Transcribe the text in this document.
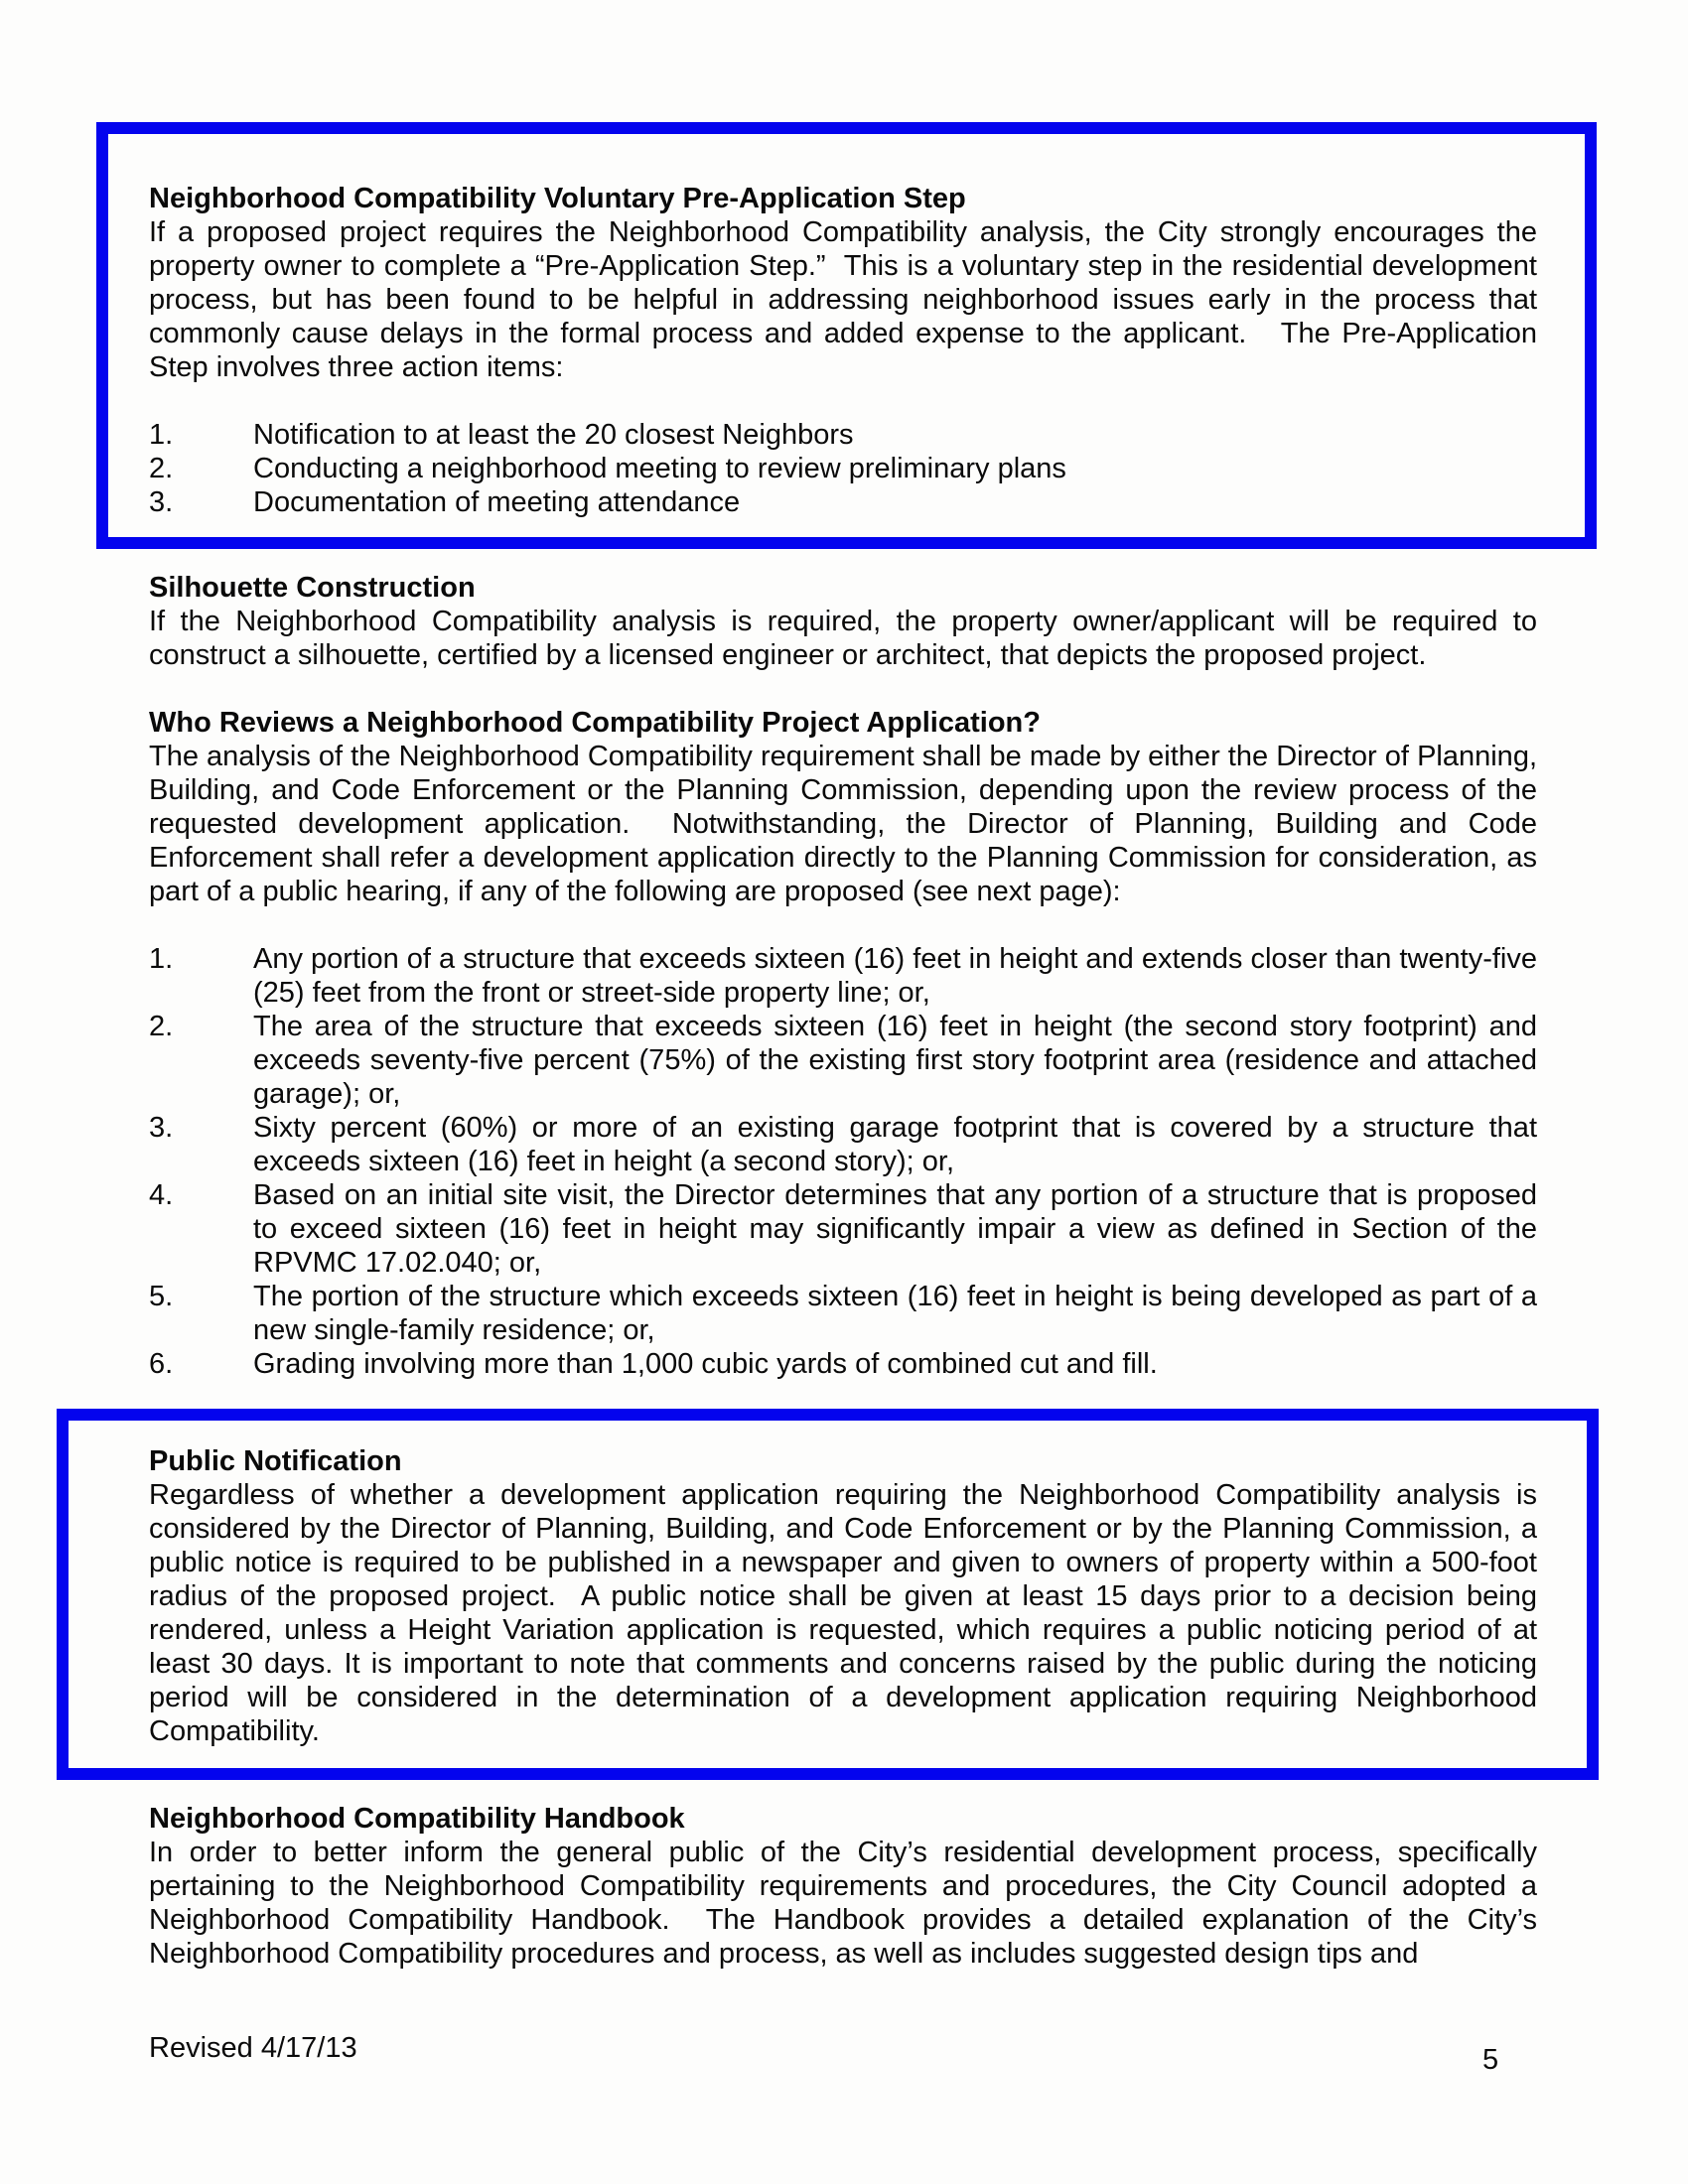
Neighborhood Compatibility Voluntary Pre-Application Step

If a proposed project requires the Neighborhood Compatibility analysis, the City strongly encourages the property owner to complete a “Pre-Application Step.”  This is a voluntary step in the residential development process, but has been found to be helpful in addressing neighborhood issues early in the process that commonly cause delays in the formal process and added expense to the applicant.   The Pre-Application Step involves three action items:

1.	Notification to at least the 20 closest Neighbors

2.	Conducting a neighborhood meeting to review preliminary plans

3.	Documentation of meeting attendance

Silhouette Construction

If the Neighborhood Compatibility analysis is required, the property owner/applicant will be required to construct a silhouette, certified by a licensed engineer or architect, that depicts the proposed project.

Who Reviews a Neighborhood Compatibility Project Application?

The analysis of the Neighborhood Compatibility requirement shall be made by either the Director of Planning, Building, and Code Enforcement or the Planning Commission, depending upon the review process of the requested development application.  Notwithstanding, the Director of Planning, Building and Code Enforcement shall refer a development application directly to the Planning Commission for consideration, as part of a public hearing, if any of the following are proposed (see next page):

1.	Any portion of a structure that exceeds sixteen (16) feet in height and extends closer than twenty-five (25) feet from the front or street-side property line; or,

2.	The area of the structure that exceeds sixteen (16) feet in height (the second story footprint) and exceeds seventy-five percent (75%) of the existing first story footprint area (residence and attached garage); or,

3.	Sixty percent (60%) or more of an existing garage footprint that is covered by a structure that exceeds sixteen (16) feet in height (a second story); or,

4.	Based on an initial site visit, the Director determines that any portion of a structure that is proposed to exceed sixteen (16) feet in height may significantly impair a view as defined in Section of the RPVMC 17.02.040; or,

5.	The portion of the structure which exceeds sixteen (16) feet in height is being developed as part of a new single-family residence; or,

6.	Grading involving more than 1,000 cubic yards of combined cut and fill.

Public Notification

Regardless of whether a development application requiring the Neighborhood Compatibility analysis is considered by the Director of Planning, Building, and Code Enforcement or by the Planning Commission, a public notice is required to be published in a newspaper and given to owners of property within a 500-foot radius of the proposed project.  A public notice shall be given at least 15 days prior to a decision being rendered, unless a Height Variation application is requested, which requires a public noticing period of at least 30 days. It is important to note that comments and concerns raised by the public during the noticing period will be considered in the determination of a development application requiring Neighborhood Compatibility.

Neighborhood Compatibility Handbook

In order to better inform the general public of the City’s residential development process, specifically pertaining to the Neighborhood Compatibility requirements and procedures, the City Council adopted a Neighborhood Compatibility Handbook.  The Handbook provides a detailed explanation of the City’s Neighborhood Compatibility procedures and process, as well as includes suggested design tips and

Revised 4/17/13	5
